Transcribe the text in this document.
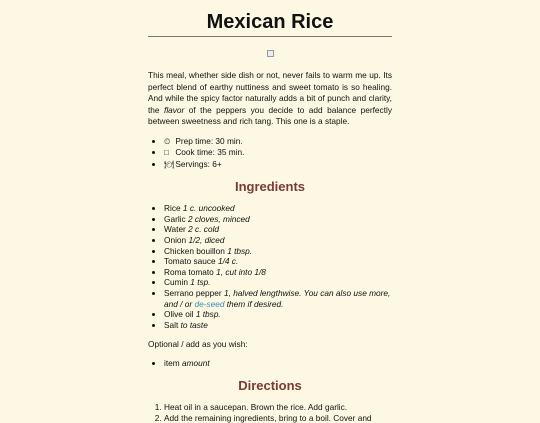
Mexican Rice

This meal, whether side dish or not, never fails to warm me up. Its perfect blend of earthy nuttiness and sweet tomato is so healing. And while the spicy factor naturally adds a bit of punch and clarity, the flavor of the peppers you decide to add balance perfectly between sweetness and rich tang. This one is a staple.

• ⏲ Prep time: 30 min.
• □ Cook time: 35 min.
• 🍽 Servings: 6+
Ingredients
• Rice 1 c. uncooked
• Garlic 2 cloves, minced
• Water 2 c. cold
• Onion 1/2, diced
• Chicken bouillon 1 tbsp.
• Tomato sauce 1/4 c.
• Roma tomato 1, cut into 1/8
• Cumin 1 tsp.
• Serrano pepper 1, halved lengthwise. You can also use more, and / or de-seed them if desired.
• Olive oil 1 tbsp.
• Salt to taste

Optional / add as you wish:

• item amount
Directions
1. Heat oil in a saucepan. Brown the rice. Add garlic.
2. Add the remaining ingredients, bring to a boil. Cover and
